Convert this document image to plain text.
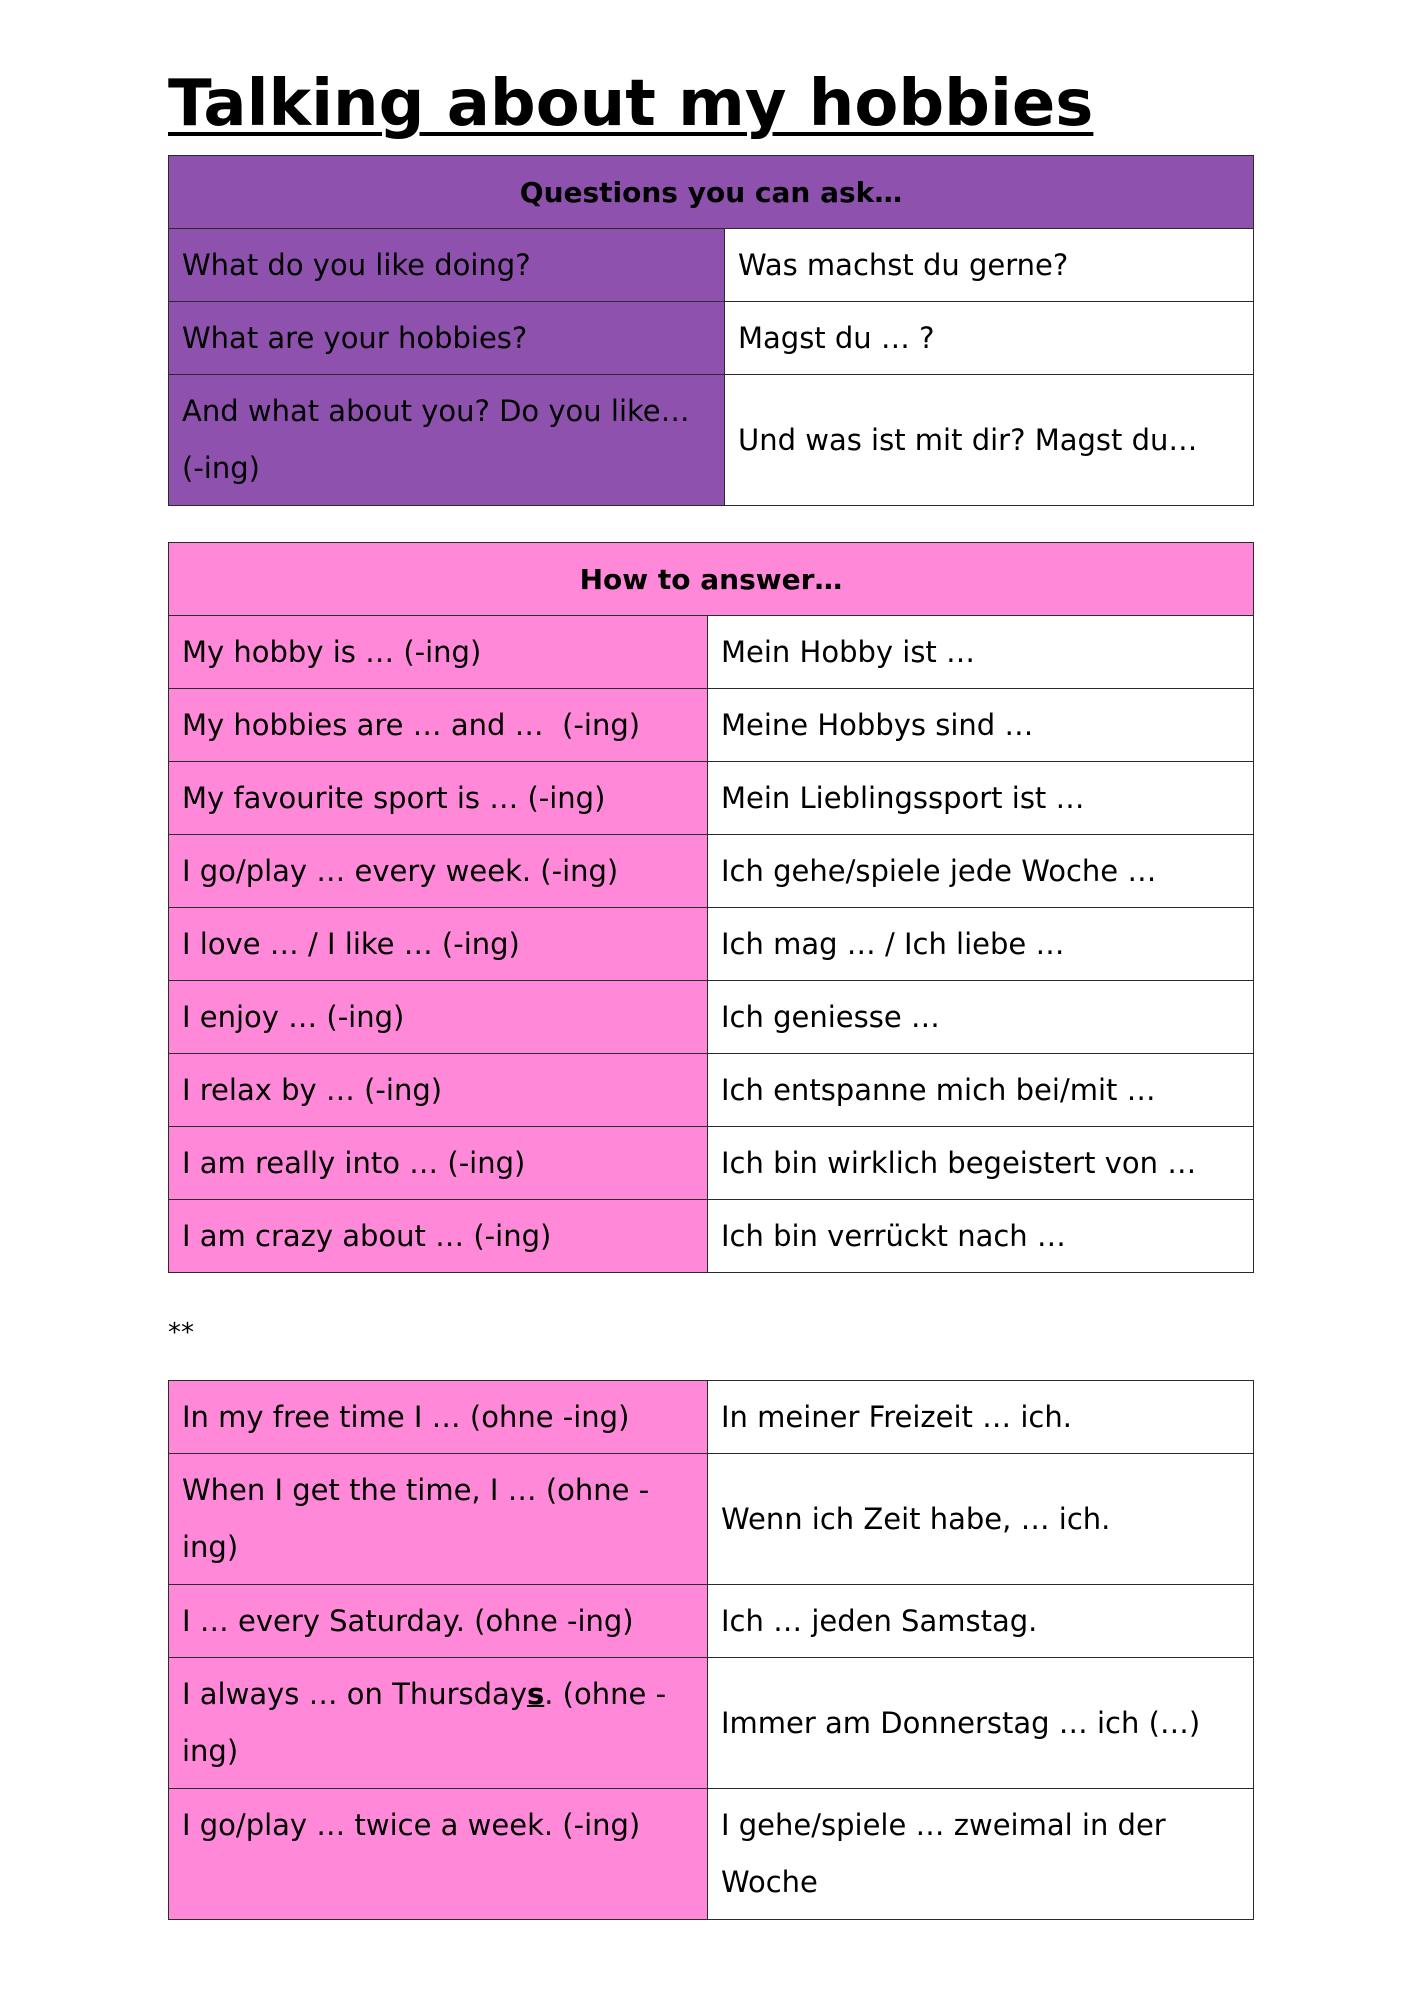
Talking about my hobbies
Questions you can ask…	
What do you like doing?	Was machst du gerne?
What are your hobbies?	Magst du … ?
And what about you? Do you like…(-ing)	Und was ist mit dir? Magst du…
How to answer…	
My hobby is … (-ing)	Mein Hobby ist …
My hobbies are … and …  (-ing)	Meine Hobbys sind …
My favourite sport is … (-ing)	Mein Lieblingssport ist …
I go/play … every week. (-ing)	Ich gehe/spiele jede Woche …
I love … / I like … (-ing)	Ich mag … / Ich liebe …
I enjoy … (-ing)	Ich geniesse …
I relax by … (-ing)	Ich entspanne mich bei/mit …
I am really into … (-ing)	Ich bin wirklich begeistert von …
I am crazy about … (-ing)	Ich bin verrückt nach …
**
In my free time I … (ohne -ing)	In meiner Freizeit … ich.
When I get the time, I … (ohne -ing)	Wenn ich Zeit habe, … ich.
I … every Saturday. (ohne -ing)	Ich … jeden Samstag.
I always … on Thursdays. (ohne -ing)	Immer am Donnerstag … ich (…)
I go/play … twice a week. (-ing)	I gehe/spiele … zweimal in der Woche
